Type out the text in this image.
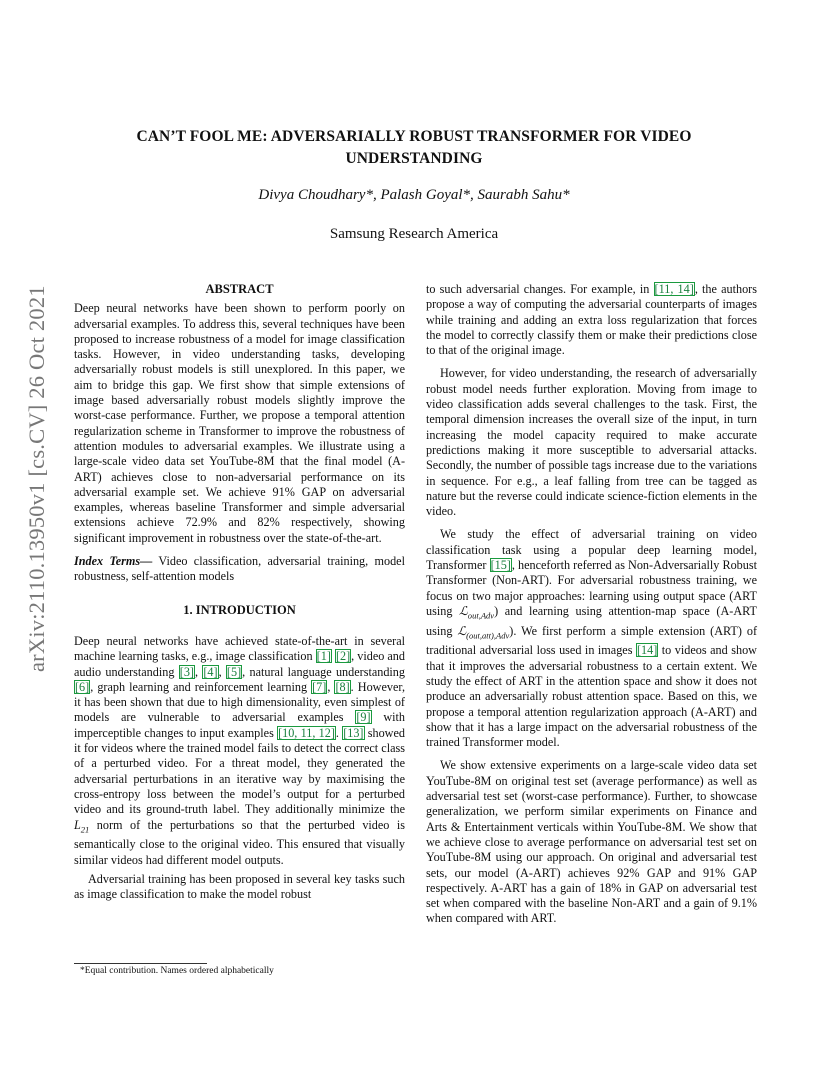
arXiv:2110.13950v1 [cs.CV] 26 Oct 2021
CAN’T FOOL ME: ADVERSARIALLY ROBUST TRANSFORMER FOR VIDEO
UNDERSTANDING
Divya Choudhary*, Palash Goyal*, Saurabh Sahu*
Samsung Research America
ABSTRACT

Deep neural networks have been shown to perform poorly on adversarial examples. To address this, several techniques have been proposed to increase robustness of a model for image classification tasks. However, in video understanding tasks, developing adversarially robust models is still unexplored. In this paper, we aim to bridge this gap. We first show that simple extensions of image based adversarially robust models slightly improve the worst-case performance. Further, we propose a temporal attention regularization scheme in Transformer to improve the robustness of attention modules to adversarial examples. We illustrate using a large-scale video data set YouTube-8M that the final model (A-ART) achieves close to non-adversarial performance on its adversarial example set. We achieve 91% GAP on adversarial examples, whereas baseline Transformer and simple adversarial extensions achieve 72.9% and 82% respectively, showing significant improvement in robustness over the state-of-the-art.

Index Terms— Video classification, adversarial training, model robustness, self-attention models

1. INTRODUCTION

Deep neural networks have achieved state-of-the-art in several machine learning tasks, e.g., image classification [1] [2], video and audio understanding [3], [4], [5], natural language understanding [6], graph learning and reinforcement learning [7], [8]. However, it has been shown that due to high dimensionality, even simplest of models are vulnerable to adversarial examples [9] with imperceptible changes to input examples [10, 11, 12]. [13] showed it for videos where the trained model fails to detect the correct class of a perturbed video. For a threat model, they generated the adversarial perturbations in an iterative way by maximising the cross-entropy loss between the model’s output for a perturbed video and its ground-truth label. They additionally minimize the $L_{21}$ norm of the perturbations so that the perturbed video is semantically close to the original video. This ensured that visually similar videos had different model outputs.

Adversarial training has been proposed in several key tasks such as image classification to make the model robust

*Equal contribution. Names ordered alphabetically

to such adversarial changes. For example, in [11, 14], the authors propose a way of computing the adversarial counterparts of images while training and adding an extra loss regularization that forces the model to correctly classify them or make their predictions close to that of the original image.

However, for video understanding, the research of adversarially robust model needs further exploration. Moving from image to video classification adds several challenges to the task. First, the temporal dimension increases the overall size of the input, in turn increasing the model capacity required to make accurate predictions making it more susceptible to adversarial attacks. Secondly, the number of possible tags increase due to the variations in sequence. For e.g., a leaf falling from tree can be tagged as nature but the reverse could indicate science-fiction elements in the video.

We study the effect of adversarial training on video classification task using a popular deep learning model, Transformer [15], henceforth referred as Non-Adversarially Robust Transformer (Non-ART). For adversarial robustness training, we focus on two major approaches: learning using output space (ART using ℒ$_{out,Adv}$) and learning using attention-map space (A-ART using ℒ$_{(out,att),Adv}$). We first perform a simple extension (ART) of traditional adversarial loss used in images [14] to videos and show that it improves the adversarial robustness to a certain extent. We study the effect of ART in the attention space and show it does not produce an adversarially robust attention space. Based on this, we propose a temporal attention regularization approach (A-ART) and show that it has a large impact on the adversarial robustness of the trained Transformer model.

We show extensive experiments on a large-scale video data set YouTube-8M on original test set (average performance) as well as adversarial test set (worst-case performance). Further, to showcase generalization, we perform similar experiments on Finance and Arts & Entertainment verticals within YouTube-8M. We show that we achieve close to average performance on adversarial test set on YouTube-8M using our approach. On original and adversarial test sets, our model (A-ART) achieves 92% GAP and 91% GAP respectively. A-ART has a gain of 18% in GAP on adversarial test set when compared with the baseline Non-ART and a gain of 9.1% when compared with ART.
